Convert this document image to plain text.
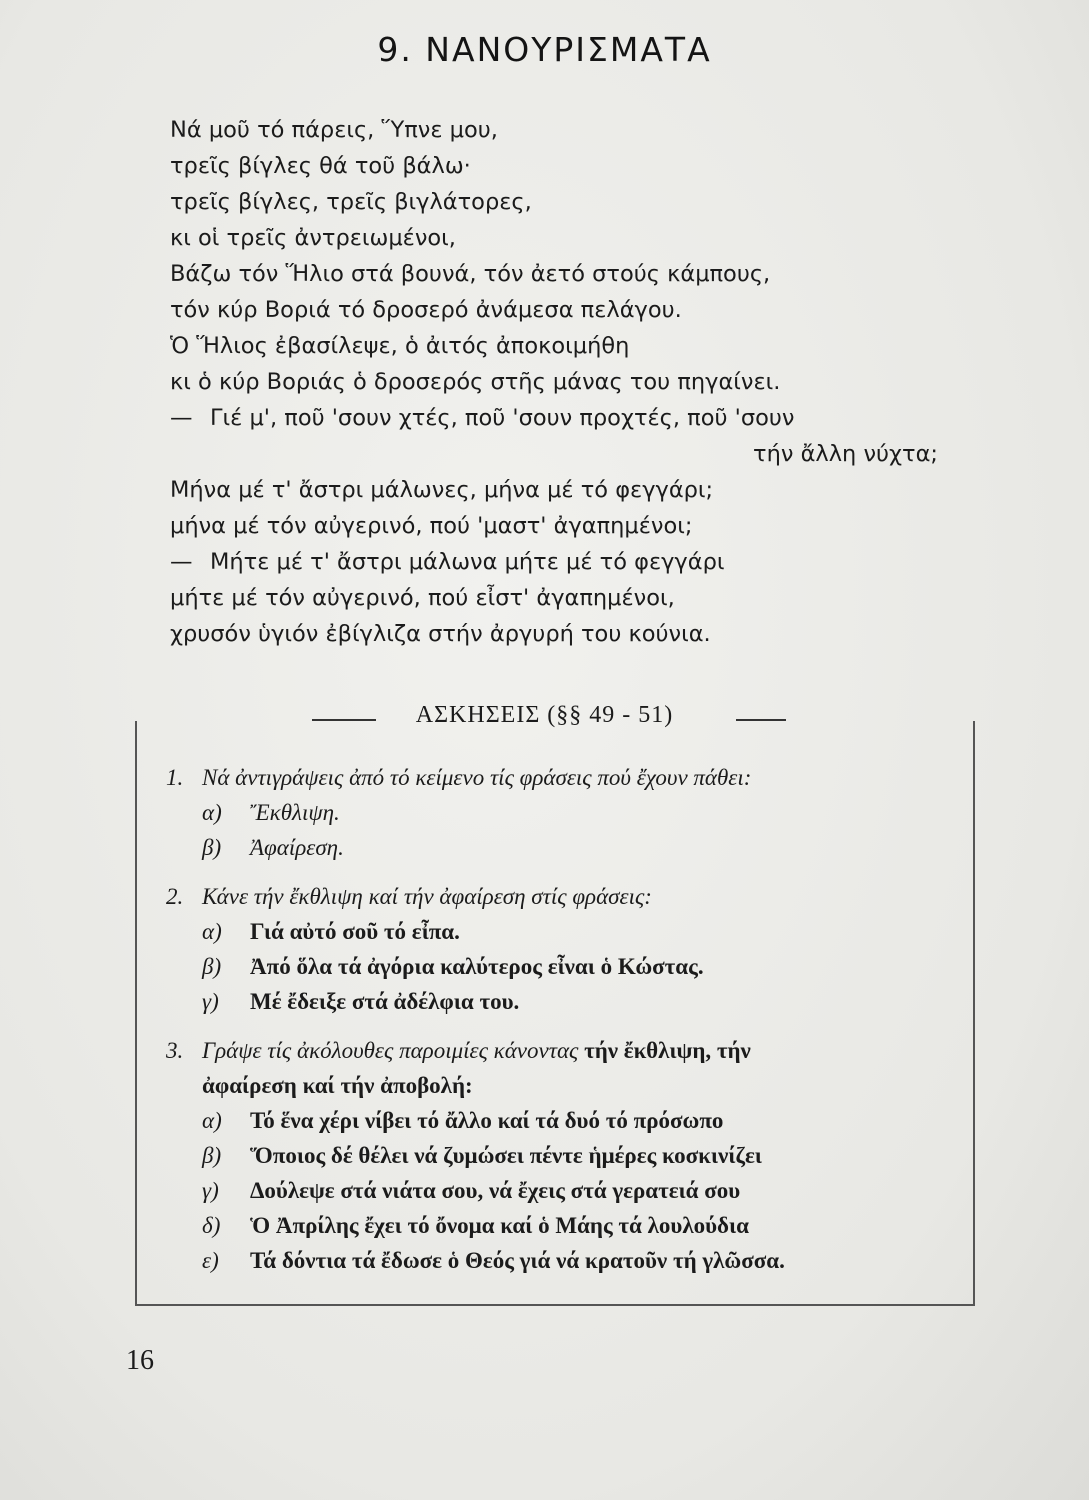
9. ΝΑΝΟΥΡΙΣΜΑΤΑ
Νά μοῦ τό πάρεις, Ὕπνε μου,
τρεῖς βίγλες θά τοῦ βάλω·
τρεῖς βίγλες, τρεῖς βιγλάτορες,
κι οἱ τρεῖς ἀντρειωμένοι,
Βάζω τόν Ἥλιο στά βουνά, τόν ἀετό στούς κάμπους,
τόν κύρ Βοριά τό δροσερό ἀνάμεσα πελάγου.
Ὁ Ἥλιος ἐβασίλεψε, ὁ ἀιτός ἀποκοιμήθη
κι ὁ κύρ Βοριάς ὁ δροσερός στῆς μάνας του πηγαίνει.
— Γιέ μ', ποῦ 'σουν χτές, ποῦ 'σουν προχτές, ποῦ 'σουν
τήν ἄλλη νύχτα;
Μήνα μέ τ' ἄστρι μάλωνες, μήνα μέ τό φεγγάρι;
μήνα μέ τόν αὐγερινό, πού 'μαστ' ἀγαπημένοι;
— Μήτε μέ τ' ἄστρι μάλωνα μήτε μέ τό φεγγάρι
μήτε μέ τόν αὐγερινό, πού εἶστ' ἀγαπημένοι,
χρυσόν ὑγιόν ἐβίγλιζα στήν ἀργυρή του κούνια.
ΑΣΚΗΣΕΙΣ (§§ 49 - 51)
1. Νά ἀντιγράψεις ἀπό τό κείμενο τίς φράσεις πού ἔχουν πάθει:
α) Ἔκθλιψη.
β) Ἀφαίρεση.
2. Κάνε τήν ἔκθλιψη καί τήν ἀφαίρεση στίς φράσεις:
α) Γιά αὐτό σοῦ τό εἶπα.
β) Ἀπό ὅλα τά ἀγόρια καλύτερος εἶναι ὁ Κώστας.
γ) Μέ ἔδειξε στά ἀδέλφια του.
3. Γράψε τίς ἀκόλουθες παροιμίες κάνοντας τήν ἔκθλιψη, τήν
ἀφαίρεση καί τήν ἀποβολή:
α) Τό ἕνα χέρι νίβει τό ἄλλο καί τά δυό τό πρόσωπο
β) Ὅποιος δέ θέλει νά ζυμώσει πέντε ἡμέρες κοσκινίζει
γ) Δούλεψε στά νιάτα σου, νά ἔχεις στά γερατειά σου
δ) Ὁ Ἀπρίλης ἔχει τό ὄνομα καί ὁ Μάης τά λουλούδια
ε) Τά δόντια τά ἔδωσε ὁ Θεός γιά νά κρατοῦν τή γλῶσσα.
16
